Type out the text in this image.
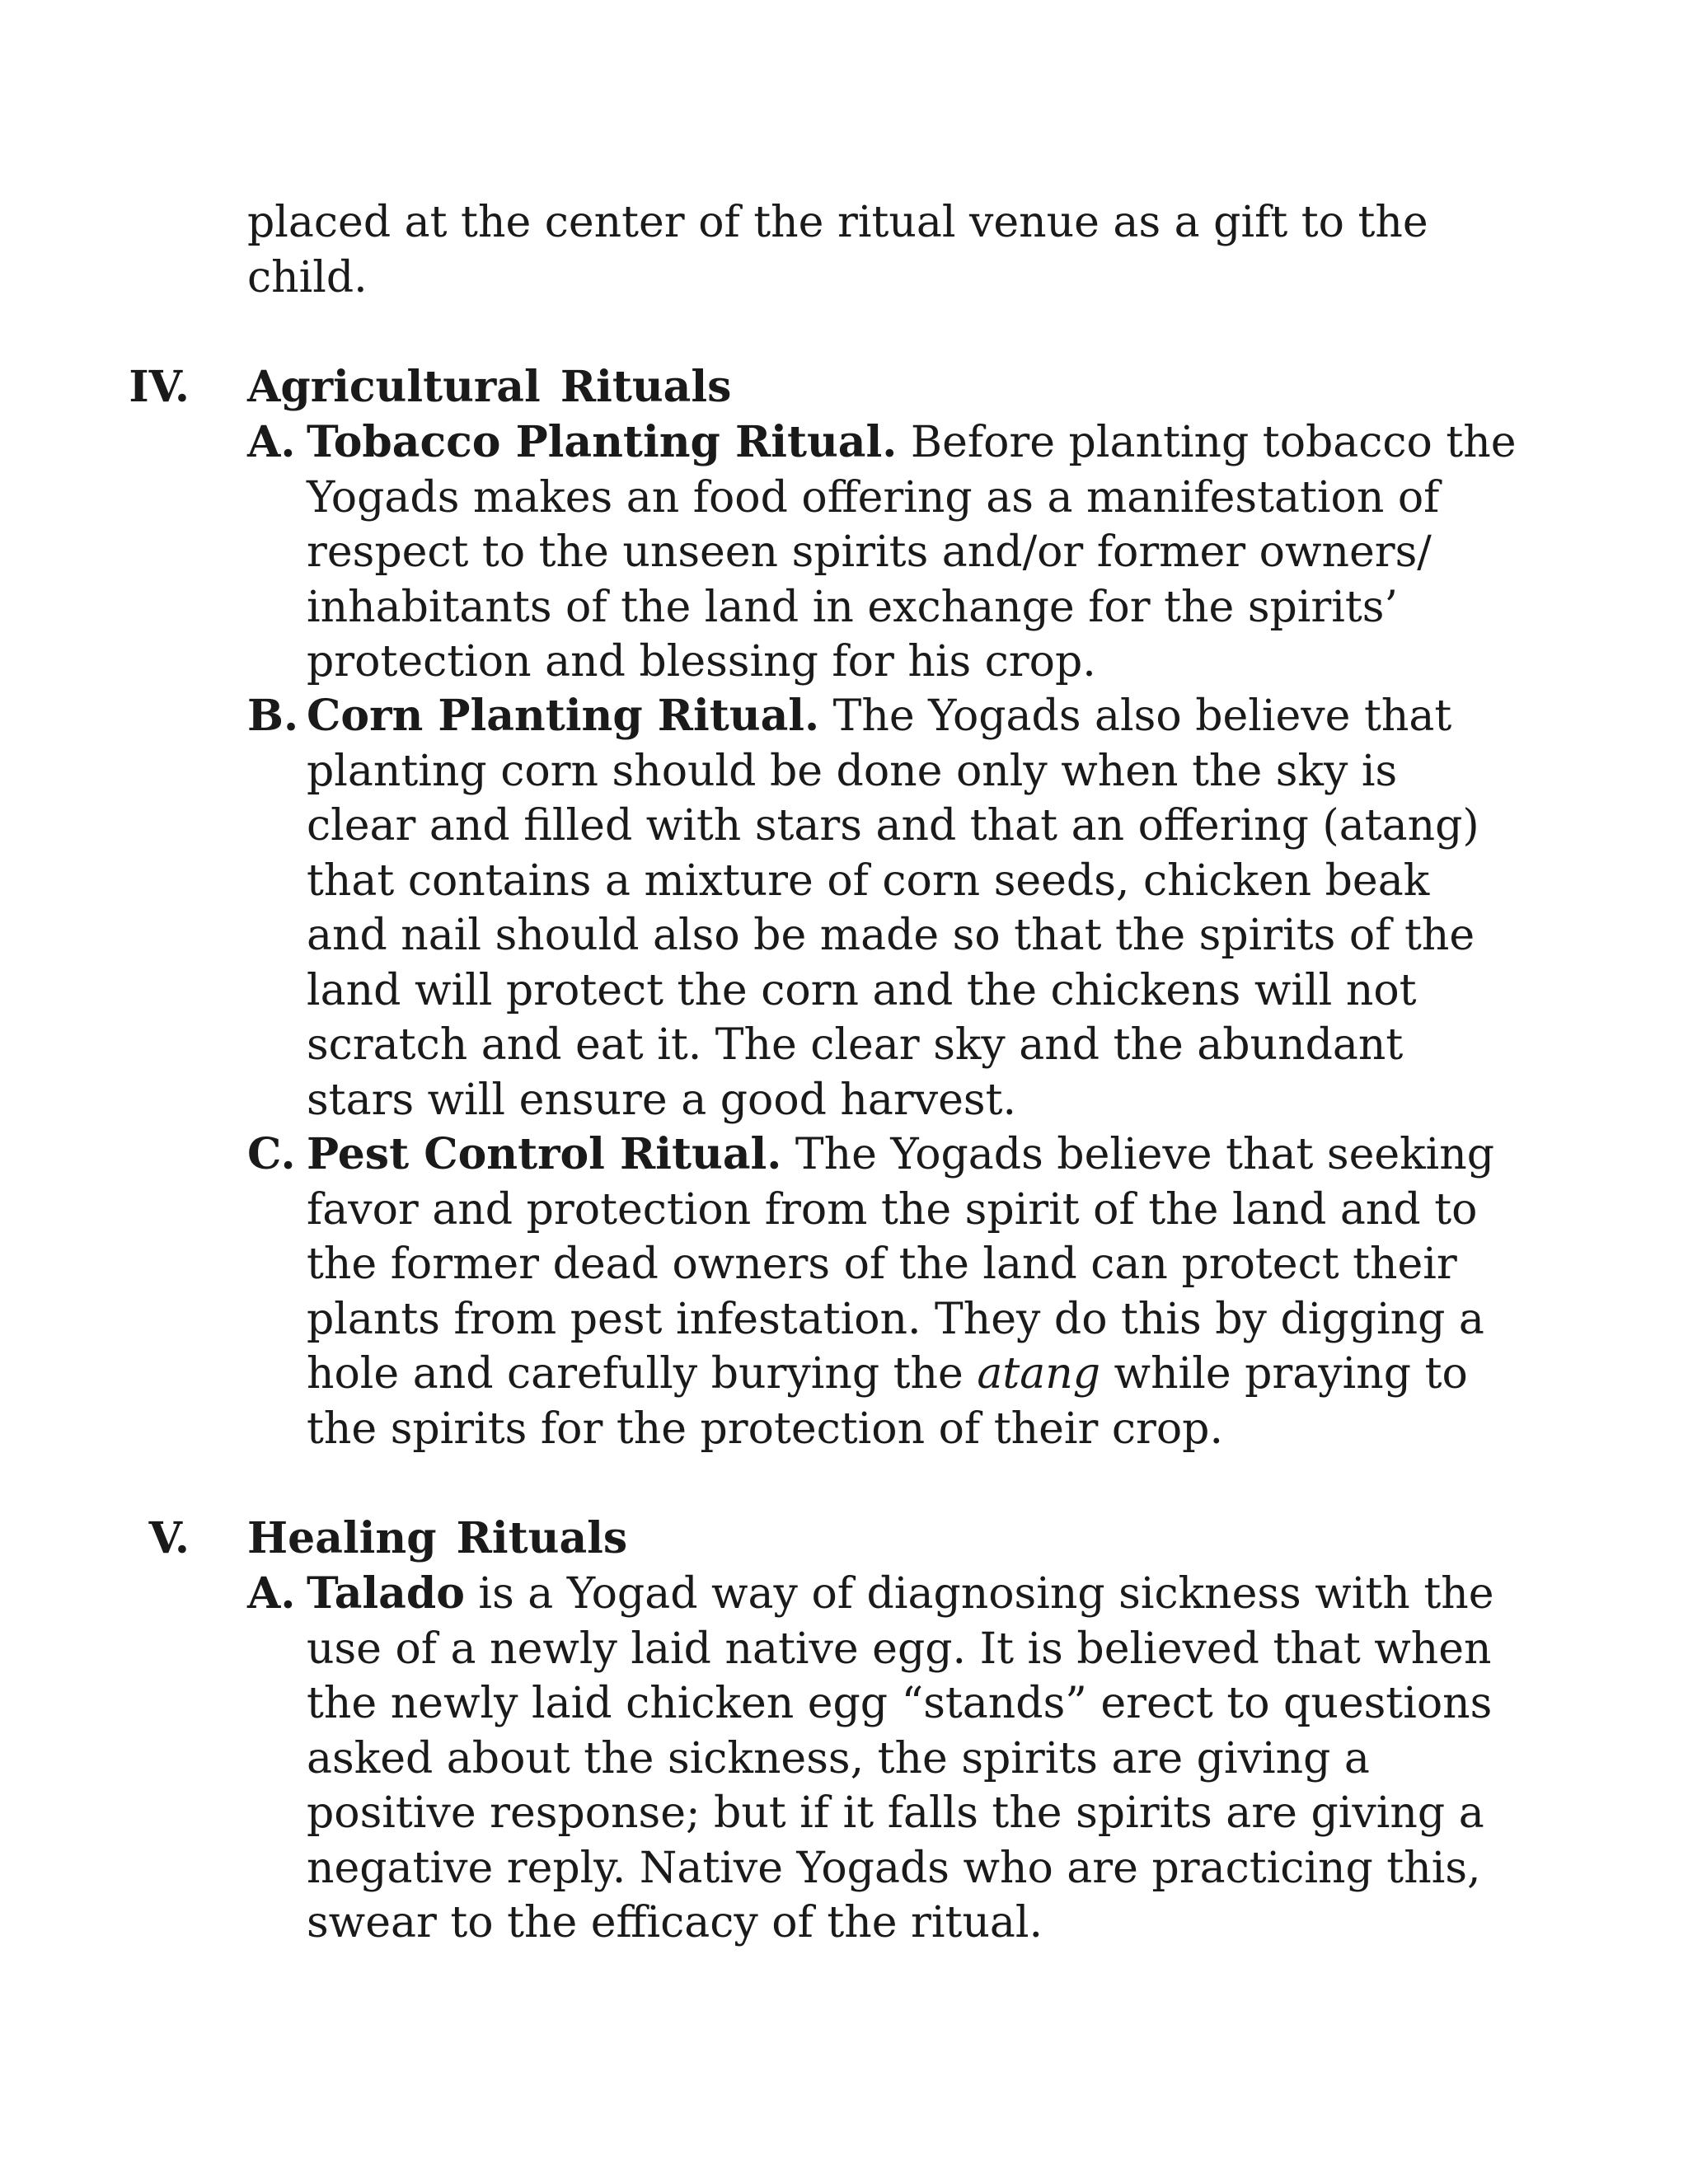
placed at the center of the ritual venue as a gift to the
child.

IV. Agricultural Rituals
A. Tobacco Planting Ritual. Before planting tobacco the
Yogads makes an food offering as a manifestation of
respect to the unseen spirits and/or former owners/
inhabitants of the land in exchange for the spirits’
protection and blessing for his crop.
B. Corn Planting Ritual. The Yogads also believe that
planting corn should be done only when the sky is
clear and filled with stars and that an offering (atang)
that contains a mixture of corn seeds, chicken beak
and nail should also be made so that the spirits of the
land will protect the corn and the chickens will not
scratch and eat it. The clear sky and the abundant
stars will ensure a good harvest.
C. Pest Control Ritual. The Yogads believe that seeking
favor and protection from the spirit of the land and to
the former dead owners of the land can protect their
plants from pest infestation. They do this by digging a
hole and carefully burying the atang while praying to
the spirits for the protection of their crop.
V. Healing Rituals
A. Talado is a Yogad way of diagnosing sickness with the
use of a newly laid native egg. It is believed that when
the newly laid chicken egg “stands” erect to questions
asked about the sickness, the spirits are giving a
positive response; but if it falls the spirits are giving a
negative reply. Native Yogads who are practicing this,
swear to the efficacy of the ritual.
